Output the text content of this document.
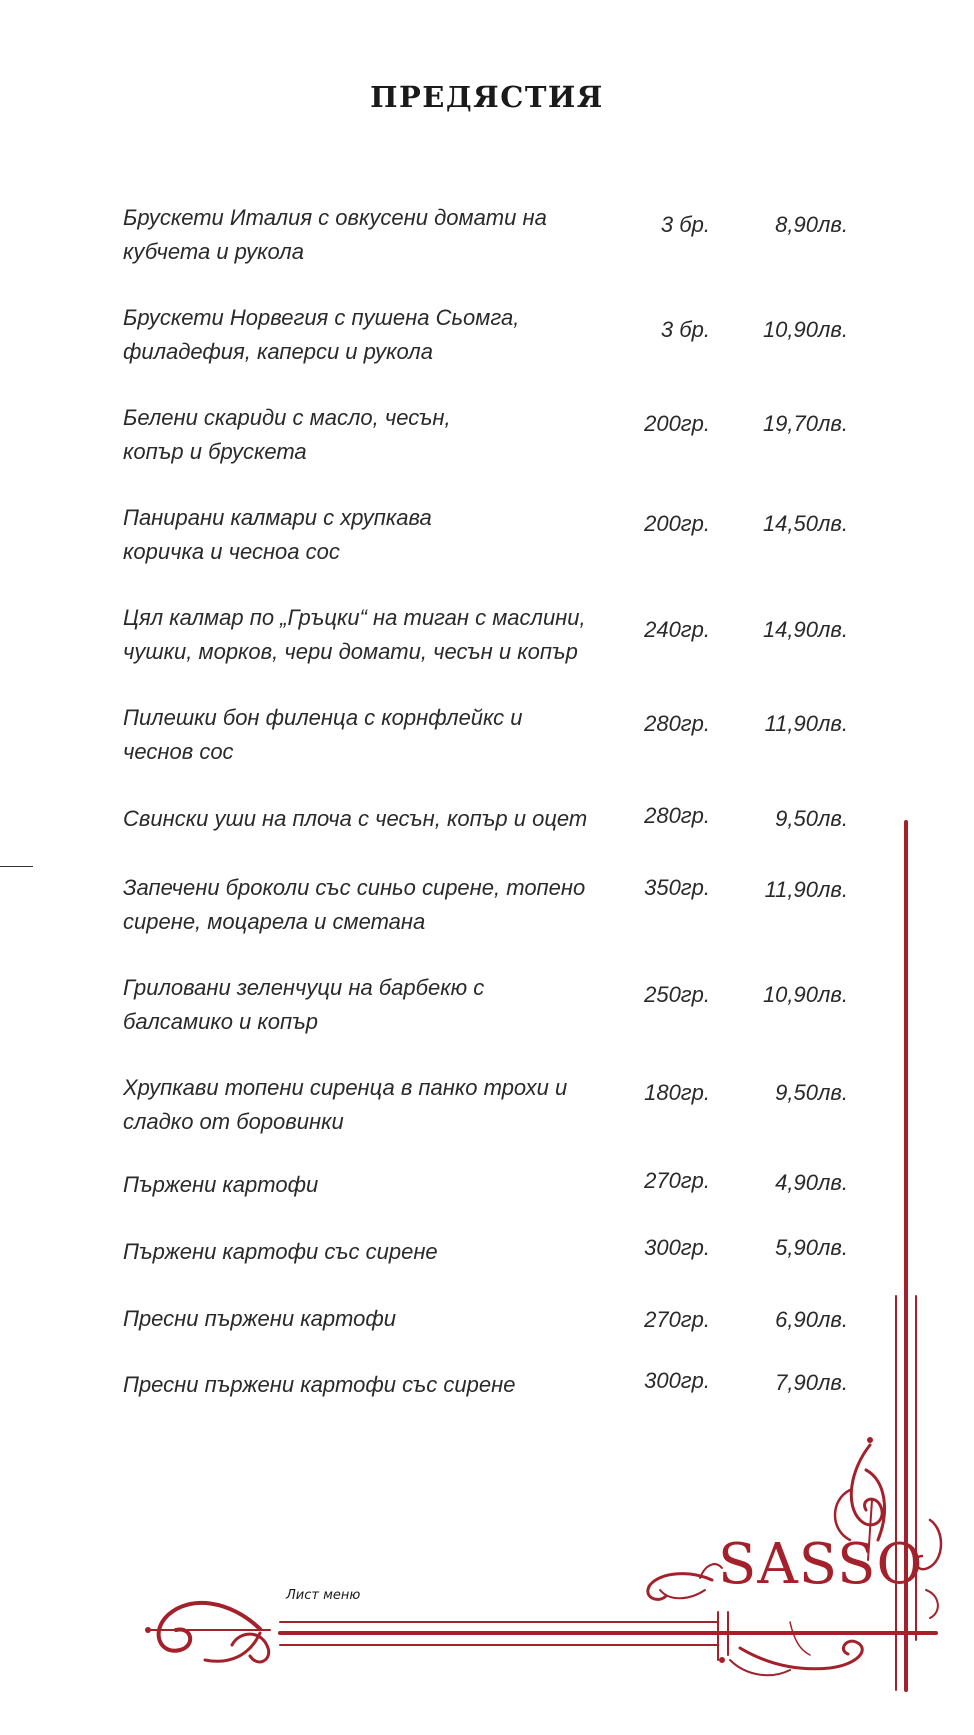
ПРЕДЯСТИЯ
Брускети Италия с овкусени домати на
кубчета и рукола
3 бр.	8,90лв.
Брускети Норвегия с пушена Сьомга,
филадефия, каперси и рукола
3 бр.	10,90лв.
Белени скариди с масло, чесън,
копър и брускета
200гр.	19,70лв.
Панирани калмари с хрупкава
коричка и чесноа сос
200гр.	14,50лв.
Цял калмар по „Гръцки“ на тиган с маслини,
чушки, морков, чери домати, чесън и копър
240гр.	14,90лв.
Пилешки бон филенца с корнфлейкс и
чеснов сос
280гр.	11,90лв.
Свински уши на плоча с чесън, копър и оцет	280гр.	9,50лв.
Запечени броколи със синьо сирене, топено
сирене, моцарела и сметана
350гр.	11,90лв.
Гриловани зеленчуци на барбекю с
балсамико и копър
250гр.	10,90лв.
Хрупкави топени сиренца в панко трохи и
сладко от боровинки
180гр.	9,50лв.
Пържени картофи	270гр.	4,90лв.
Пържени картофи със сирене	300гр.	5,90лв.
Пресни пържени картофи	270гр.	6,90лв.
Пресни пържени картофи със сирене	300гр.	7,90лв.
Лист меню	SASSO
